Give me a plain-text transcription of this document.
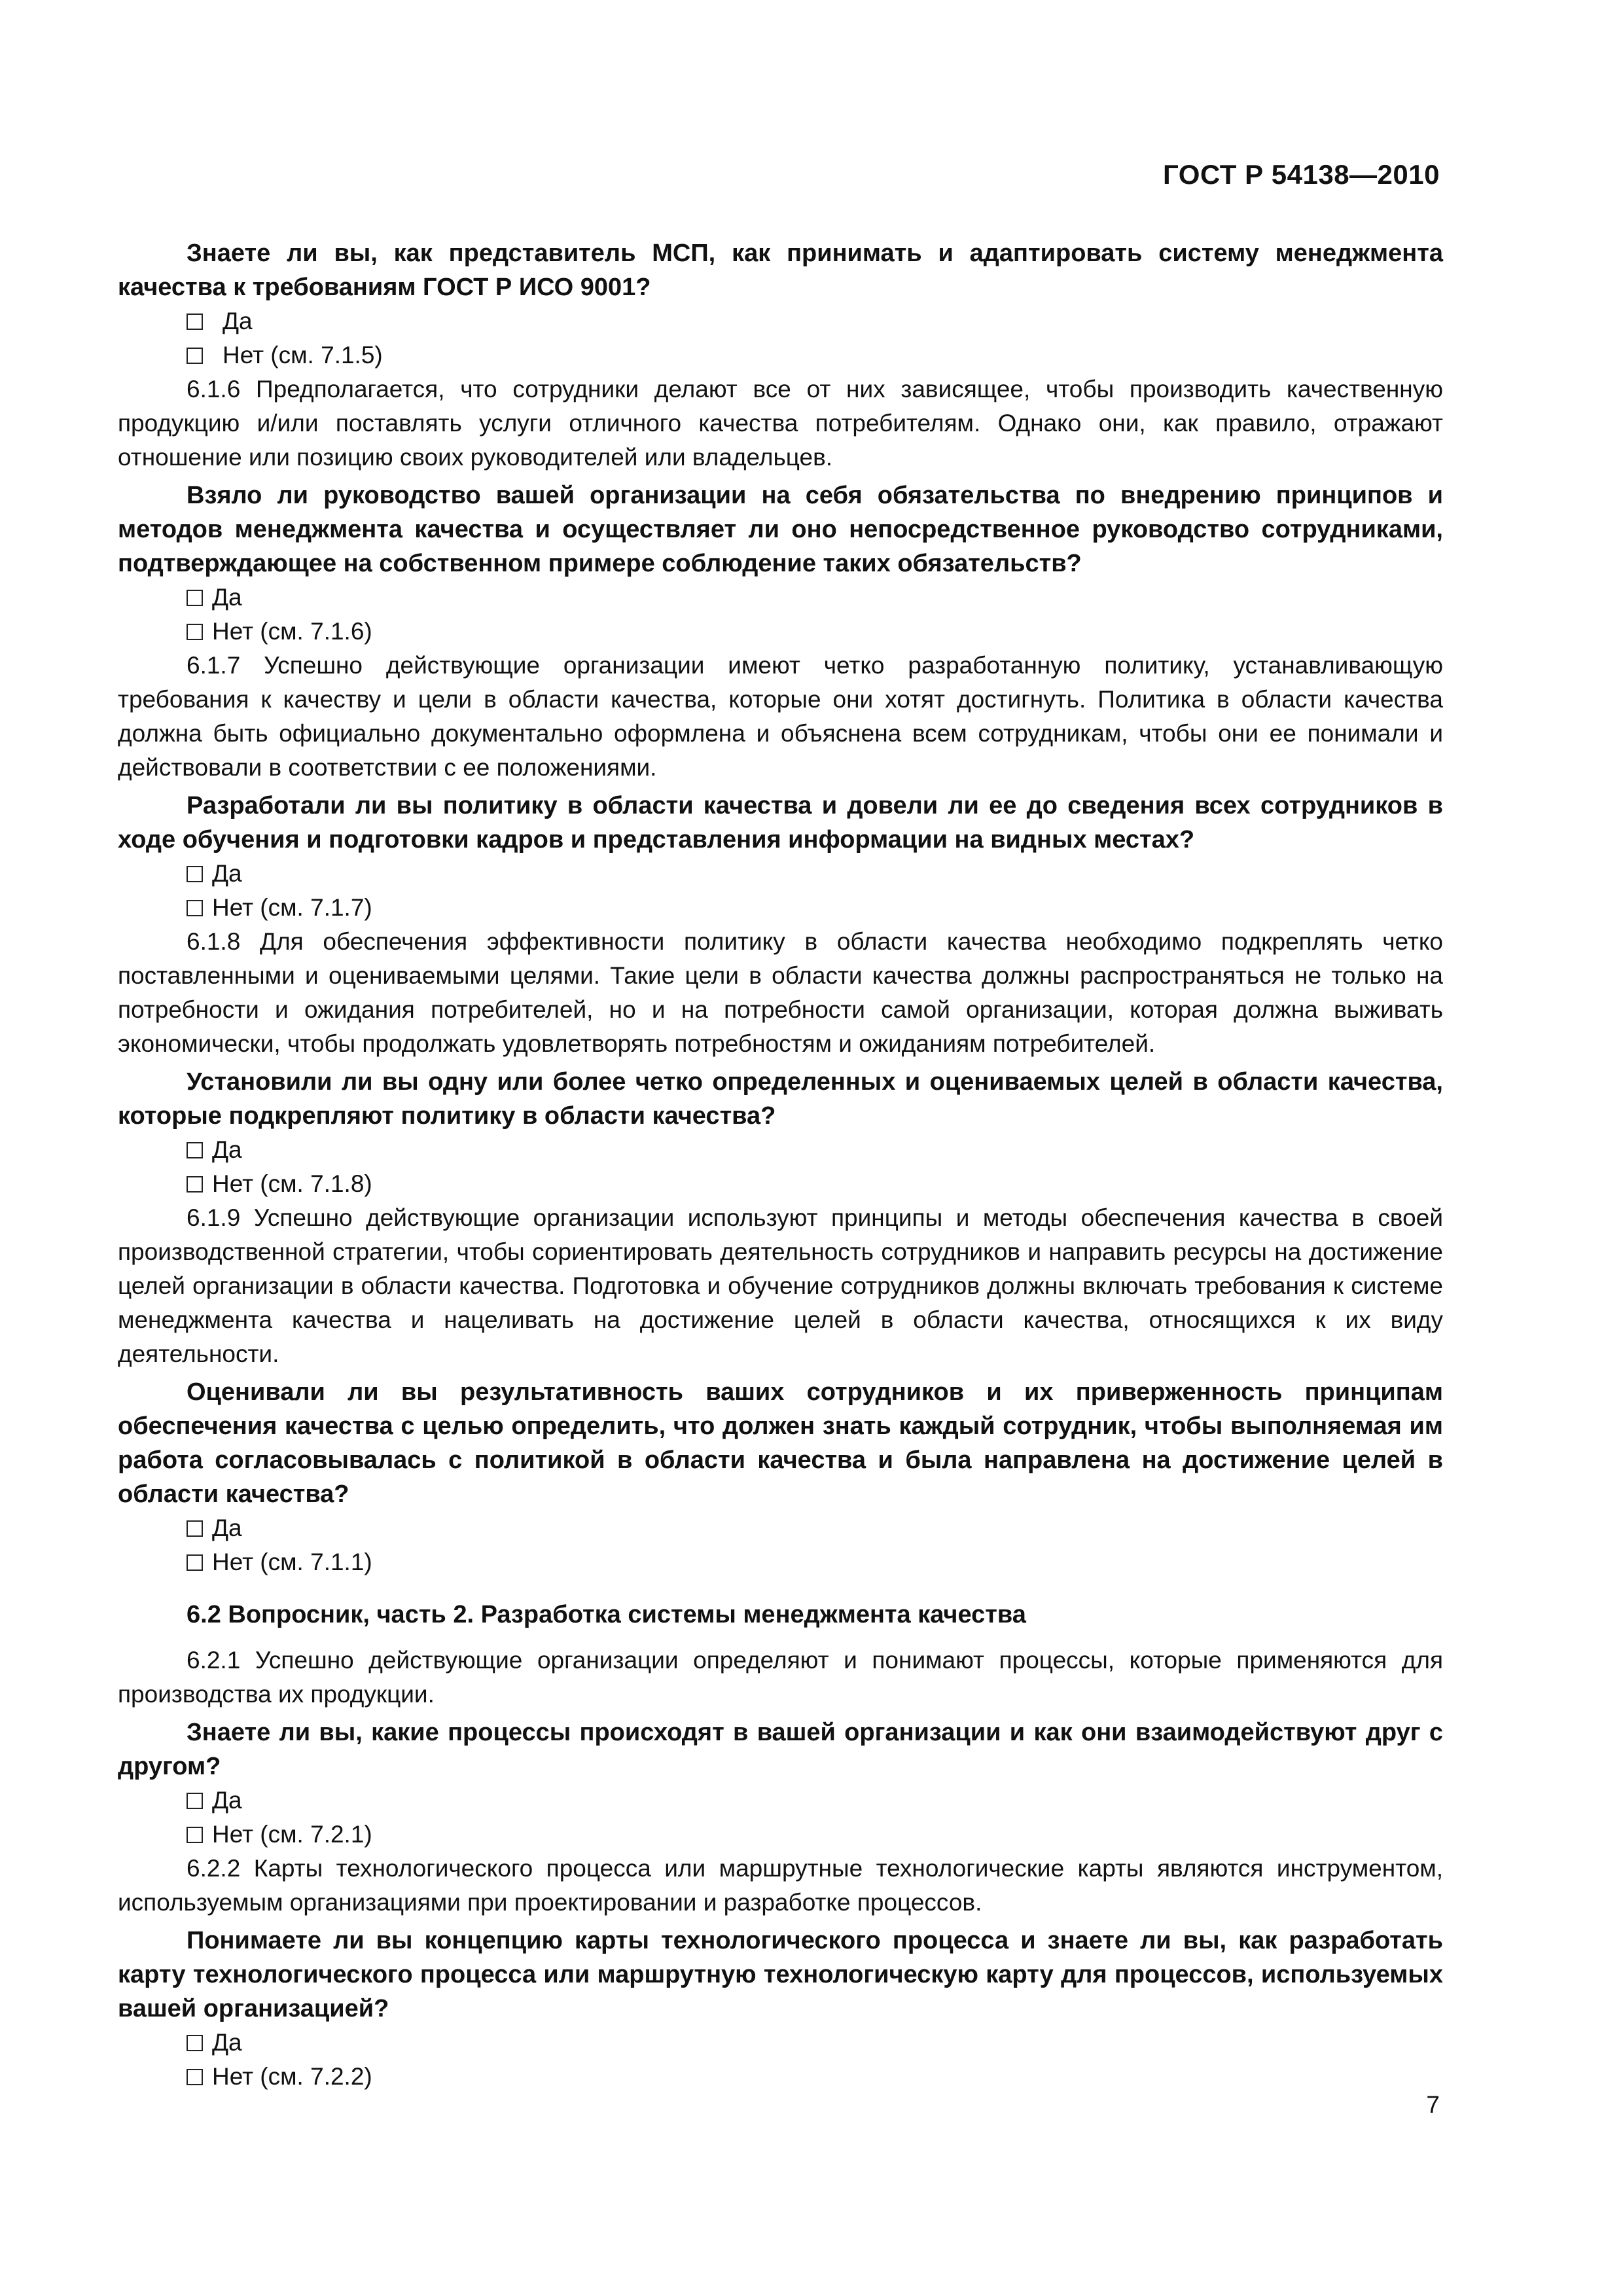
ГОСТ Р 54138—2010

Знаете ли вы, как представитель МСП, как принимать и адаптировать систему менеджмента качества к требованиям ГОСТ Р ИСО 9001?

Да
Нет (см. 7.1.5)

6.1.6 Предполагается, что сотрудники делают все от них зависящее, чтобы производить качественную продукцию и/или поставлять услуги отличного качества потребителям. Однако они, как правило, отражают отношение или позицию своих руководителей или владельцев.

Взяло ли руководство вашей организации на себя обязательства по внедрению принципов и методов менеджмента качества и осуществляет ли оно непосредственное руководство сотрудниками, подтверждающее на собственном примере соблюдение таких обязательств?

Да
Нет (см. 7.1.6)

6.1.7 Успешно действующие организации имеют четко разработанную политику, устанавливающую требования к качеству и цели в области качества, которые они хотят достигнуть. Политика в области качества должна быть официально документально оформлена и объяснена всем сотрудникам, чтобы они ее понимали и действовали в соответствии с ее положениями.

Разработали ли вы политику в области качества и довели ли ее до сведения всех сотрудников в ходе обучения и подготовки кадров и представления информации на видных местах?

Да
Нет (см. 7.1.7)

6.1.8 Для обеспечения эффективности политику в области качества необходимо подкреплять четко поставленными и оцениваемыми целями. Такие цели в области качества должны распространяться не только на потребности и ожидания потребителей, но и на потребности самой организации, которая должна выживать экономически, чтобы продолжать удовлетворять потребностям и ожиданиям потребителей.

Установили ли вы одну или более четко определенных и оцениваемых целей в области качества, которые подкрепляют политику в области качества?

Да
Нет (см. 7.1.8)

6.1.9 Успешно действующие организации используют принципы и методы обеспечения качества в своей производственной стратегии, чтобы сориентировать деятельность сотрудников и направить ресурсы на достижение целей организации в области качества. Подготовка и обучение сотрудников должны включать требования к системе менеджмента качества и нацеливать на достижение целей в области качества, относящихся к их виду деятельности.

Оценивали ли вы результативность ваших сотрудников и их приверженность принципам обеспечения качества с целью определить, что должен знать каждый сотрудник, чтобы выполняемая им работа согласовывалась с политикой в области качества и была направлена на достижение целей в области качества?

Да
Нет (см. 7.1.1)

6.2 Вопросник, часть 2. Разработка системы менеджмента качества

6.2.1 Успешно действующие организации определяют и понимают процессы, которые применяются для производства их продукции.

Знаете ли вы, какие процессы происходят в вашей организации и как они взаимодействуют друг с другом?

Да
Нет (см. 7.2.1)

6.2.2 Карты технологического процесса или маршрутные технологические карты являются инструментом, используемым организациями при проектировании и разработке процессов.

Понимаете ли вы концепцию карты технологического процесса и знаете ли вы, как разработать карту технологического процесса или маршрутную технологическую карту для процессов, используемых вашей организацией?

Да
Нет (см. 7.2.2)
7
